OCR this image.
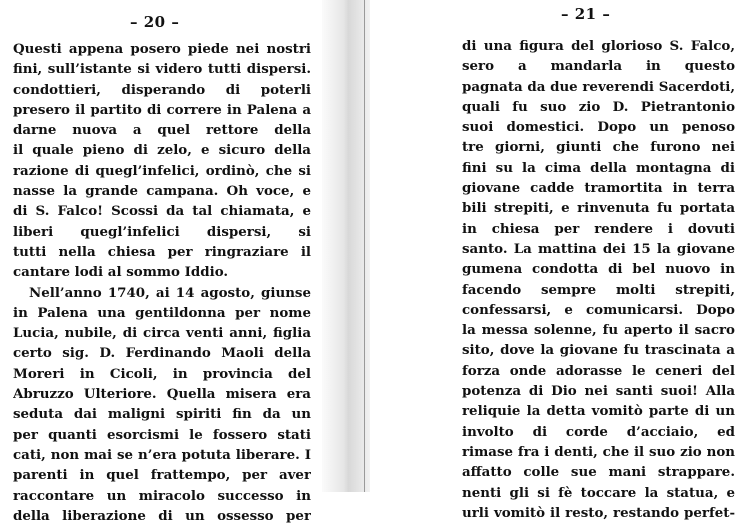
– 20 –
Questi appena posero piede nei nostri
fini, sull’istante si videro tutti dispersi.
condottieri, disperando di poterli
presero il partito di correre in Palena a
darne nuova a quel rettore della
il quale pieno di zelo, e sicuro della
razione di quegl’infelici, ordinò, che si
nasse la grande campana. Oh voce, e
di S. Falco! Scossi da tal chiamata, e
liberi quegl’infelici dispersi, si
tutti nella chiesa per ringraziare il
cantare lodi al sommo Iddio.
Nell’anno 1740, ai 14 agosto, giunse
in Palena una gentildonna per nome
Lucia, nubile, di circa venti anni, figlia
certo sig. D. Ferdinando Maoli della
Moreri in Cicoli, in provincia del
Abruzzo Ulteriore. Quella misera era
seduta dai maligni spiriti fin da un
per quanti esorcismi le fossero stati
cati, non mai se n’era potuta liberare. I
parenti in quel frattempo, per aver
raccontare un miracolo successo in
della liberazione di un ossesso per
– 21 –
di una figura del glorioso S. Falco,
sero a mandarla in questo
pagnata da due reverendi Sacerdoti,
quali fu suo zio D. Pietrantonio
suoi domestici. Dopo un penoso
tre giorni, giunti che furono nei
fini su la cima della montagna di
giovane cadde tramortita in terra
bili strepiti, e rinvenuta fu portata
in chiesa per rendere i dovuti
santo. La mattina dei 15 la giovane
gumena condotta di bel nuovo in
facendo sempre molti strepiti,
confessarsi, e comunicarsi. Dopo
la messa solenne, fu aperto il sacro
sito, dove la giovane fu trascinata a
forza onde adorasse le ceneri del
potenza di Dio nei santi suoi! Alla
reliquie la detta vomitò parte di un
involto di corde d’acciaio, ed
rimase fra i denti, che il suo zio non
affatto colle sue mani strappare.
nenti gli si fè toccare la statua, e
urli vomitò il resto, restando perfet-
